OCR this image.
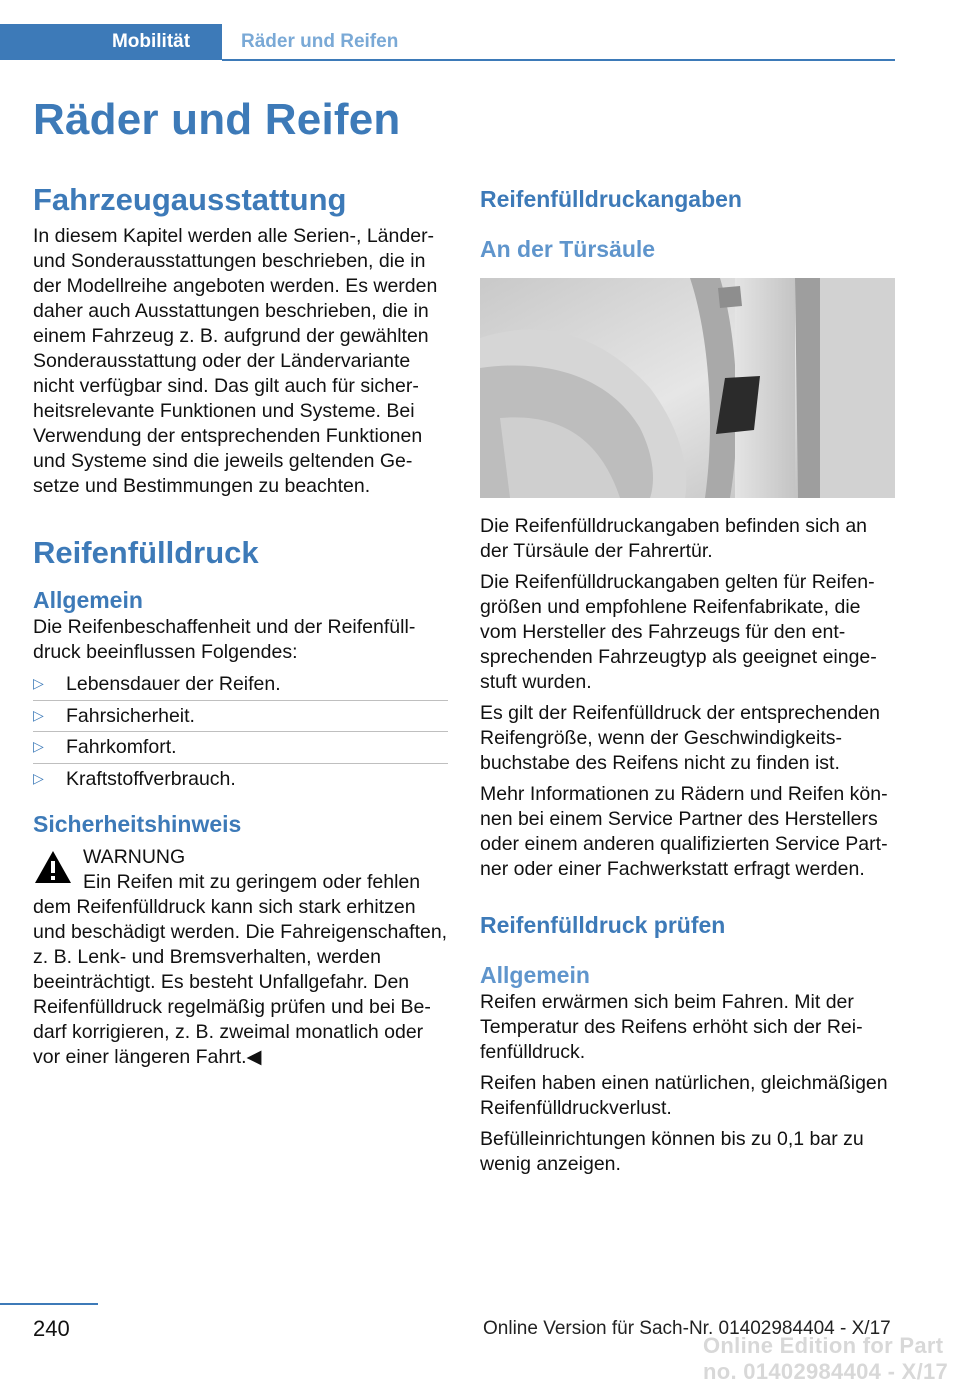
Mobilität	Räder und Reifen
Räder und Reifen
Fahrzeugausstattung

In diesem Kapitel werden alle Serien-, Länder- und Sonderausstattungen beschrieben, die in der Modellreihe angeboten werden. Es werden daher auch Ausstattungen beschrieben, die in einem Fahrzeug z. B. aufgrund der gewählten Sonderausstattung oder der Ländervariante nicht verfügbar sind. Das gilt auch für sicherheitsrelevante Funktionen und Systeme. Bei Verwendung der entsprechenden Funktionen und Systeme sind die jeweils geltenden Gesetze und Bestimmungen zu beachten.

Reifenfülldruck
Allgemein

Die Reifenbeschaffenheit und der Reifenfülldruck beeinflussen Folgendes:

▷ Lebensdauer der Reifen.
▷ Fahrsicherheit.
▷ Fahrkomfort.
▷ Kraftstoffverbrauch.
Sicherheitshinweis
WARNUNG

Ein Reifen mit zu geringem oder fehlen

dem Reifenfülldruck kann sich stark erhitzen und beschädigt werden. Die Fahreigenschaften, z. B. Lenk- und Bremsverhalten, werden beeinträchtigt. Es besteht Unfallgefahr. Den Reifenfülldruck regelmäßig prüfen und bei Bedarf korrigieren, z. B. zweimal monatlich oder vor einer längeren Fahrt.◀

Reifenfülldruckangaben
An der Türsäule

Die Reifenfülldruckangaben befinden sich an der Türsäule der Fahrertür.

Die Reifenfülldruckangaben gelten für Reifengrößen und empfohlene Reifenfabrikate, die vom Hersteller des Fahrzeugs für den entsprechenden Fahrzeugtyp als geeignet eingestuft wurden.

Es gilt der Reifenfülldruck der entsprechenden Reifengröße, wenn der Geschwindigkeitsbuchstabe des Reifens nicht zu finden ist.

Mehr Informationen zu Rädern und Reifen können bei einem Service Partner des Herstellers oder einem anderen qualifizierten Service Partner oder einer Fachwerkstatt erfragt werden.

Reifenfülldruck prüfen
Allgemein

Reifen erwärmen sich beim Fahren. Mit der Temperatur des Reifens erhöht sich der Reifenfülldruck.

Reifen haben einen natürlichen, gleichmäßigen Reifenfülldruckverlust.

Befülleinrichtungen können bis zu 0,1 bar zu wenig anzeigen.

240	Online Version für Sach-Nr. 01402984404 - X/17
Online Edition for Part no. 01402984404 - X/17
